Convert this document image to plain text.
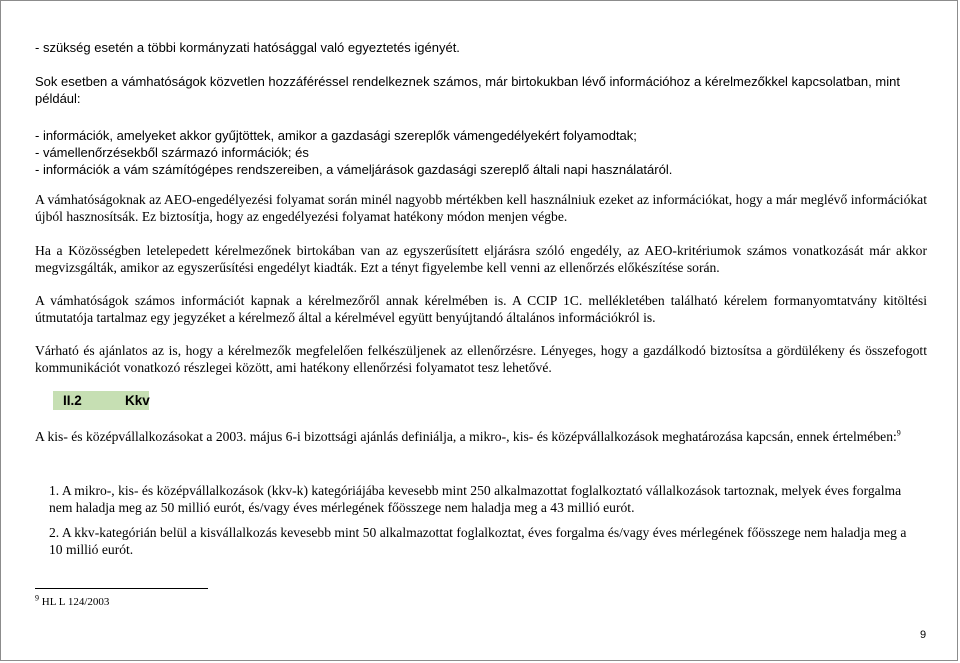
- szükség esetén a többi kormányzati hatósággal való egyeztetés igényét.

Sok esetben a vámhatóságok közvetlen hozzáféréssel rendelkeznek számos, már birtokukban lévő információhoz a kérelmezőkkel kapcsolatban, mint például:

- információk, amelyeket akkor gyűjtöttek, amikor a gazdasági szereplők vámengedélyekért folyamodtak;

- vámellenőrzésekből származó információk; és

- információk a vám számítógépes rendszereiben, a vámeljárások gazdasági szereplő általi napi használatáról.

A vámhatóságoknak az AEO-engedélyezési folyamat során minél nagyobb mértékben kell használniuk ezeket az információkat, hogy a már meglévő információkat újból hasznosítsák. Ez biztosítja, hogy az engedélyezési folyamat hatékony módon menjen végbe.

Ha a Közösségben letelepedett kérelmezőnek birtokában van az egyszerűsített eljárásra szóló engedély, az AEO-kritériumok számos vonatkozását már akkor megvizsgálták, amikor az egyszerűsítési engedélyt kiadták. Ezt a tényt figyelembe kell venni az ellenőrzés előkészítése során.

A vámhatóságok számos információt kapnak a kérelmezőről annak kérelmében is. A CCIP 1C. mellékletében található kérelem formanyomtatvány kitöltési útmutatója tartalmaz egy jegyzéket a kérelmező által a kérelmével együtt benyújtandó általános információkról is.

Várható és ajánlatos az is, hogy a kérelmezők megfelelően felkészüljenek az ellenőrzésre. Lényeges, hogy a gazdálkodó biztosítsa a gördülékeny és összefogott kommunikációt vonatkozó részlegei között, ami hatékony ellenőrzési folyamatot tesz lehetővé.

II.2	Kkv

A kis- és középvállalkozásokat a 2003. május 6-i bizottsági ajánlás definiálja, a mikro-, kis- és középvállalkozások meghatározása kapcsán, ennek értelmében:$^9$

1. A mikro-, kis- és középvállalkozások (kkv-k) kategóriájába kevesebb mint 250 alkalmazottat foglalkoztató vállalkozások tartoznak, melyek éves forgalma nem haladja meg az 50 millió eurót, és/vagy éves mérlegének főösszege nem haladja meg a 43 millió eurót.

2. A kkv-kategórián belül a kisvállalkozás kevesebb mint 50 alkalmazottat foglalkoztat, éves forgalma és/vagy éves mérlegének főösszege nem haladja meg a 10 millió eurót.

$^9$ HL L 124/2003
9
